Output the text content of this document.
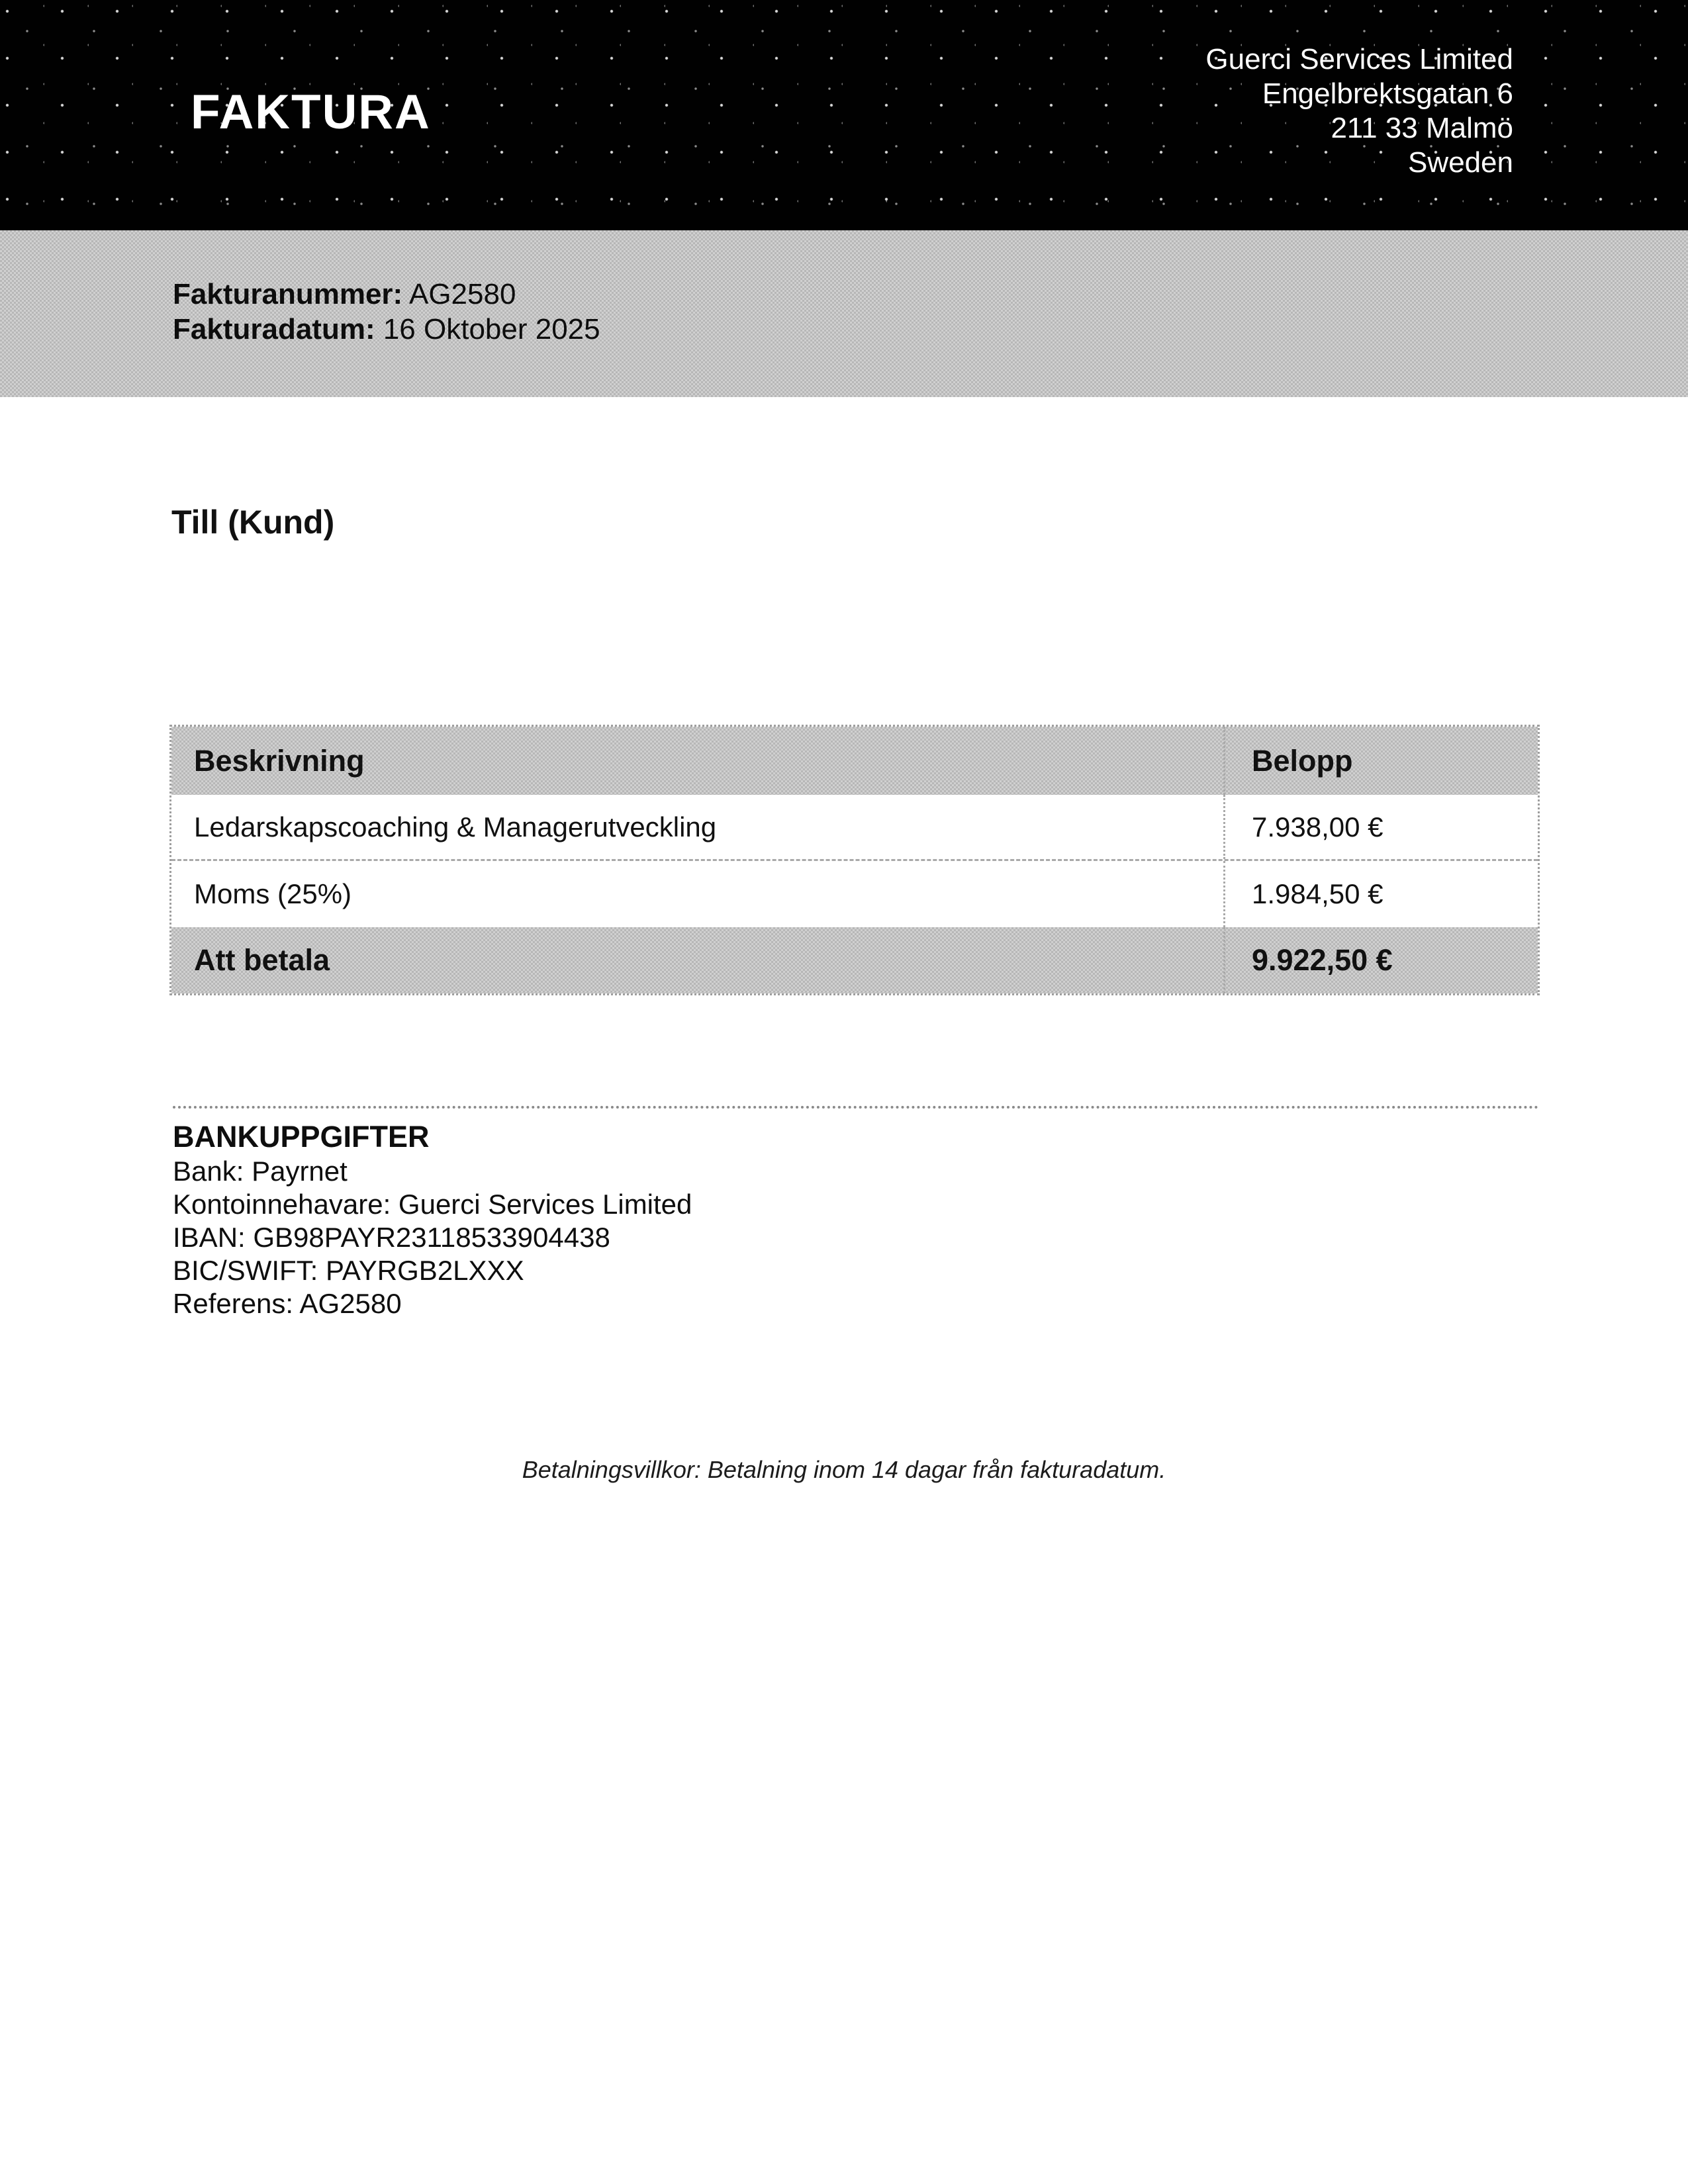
FAKTURA
Guerci Services Limited
Engelbrektsgatan 6
211 33 Malmö
Sweden
Fakturanummer: AG2580
Fakturadatum: 16 Oktober 2025
Till (Kund)
Beskrivning	Belopp
Ledarskapscoaching & Managerutveckling	7.938,00 €
Moms (25%)	1.984,50 €
Att betala	9.922,50 €
BANKUPPGIFTER
Bank: Payrnet
Kontoinnehavare: Guerci Services Limited
IBAN: GB98PAYR23118533904438
BIC/SWIFT: PAYRGB2LXXX
Referens: AG2580
Betalningsvillkor: Betalning inom 14 dagar från fakturadatum.
